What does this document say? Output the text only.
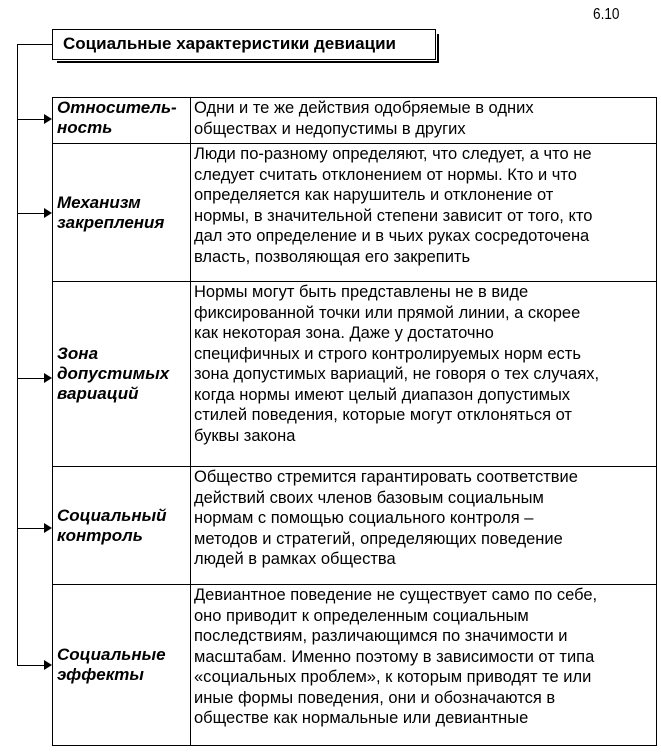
6.10
Социальные характеристики девиации
Относитель-
ность
Одни и те же действия одобряемые в одних
обществах и недопустимы в других
Механизм
закрепления
Люди по-разному определяют, что следует, а что не
следует считать отклонением от нормы. Кто и что
определяется как нарушитель и отклонение от
нормы, в значительной степени зависит от того, кто
дал это определение и в чьих руках сосредоточена
власть, позволяющая его закрепить
Зона
допустимых
вариаций
Нормы могут быть представлены не в виде
фиксированной точки или прямой линии, а скорее
как некоторая зона. Даже у достаточно
специфичных и строго контролируемых норм есть
зона допустимых вариаций, не говоря о тех случаях,
когда нормы имеют целый диапазон допустимых
стилей поведения, которые могут отклоняться от
буквы закона
Социальный
контроль
Общество стремится гарантировать соответствие
действий своих членов базовым социальным
нормам с помощью социального контроля –
методов и стратегий, определяющих поведение
людей в рамках общества
Социальные
эффекты
Девиантное поведение не существует само по себе,
оно приводит к определенным социальным
последствиям, различающимся по значимости и
масштабам. Именно поэтому в зависимости от типа
«социальных проблем», к которым приводят те или
иные формы поведения, они и обозначаются в
обществе как нормальные или девиантные
